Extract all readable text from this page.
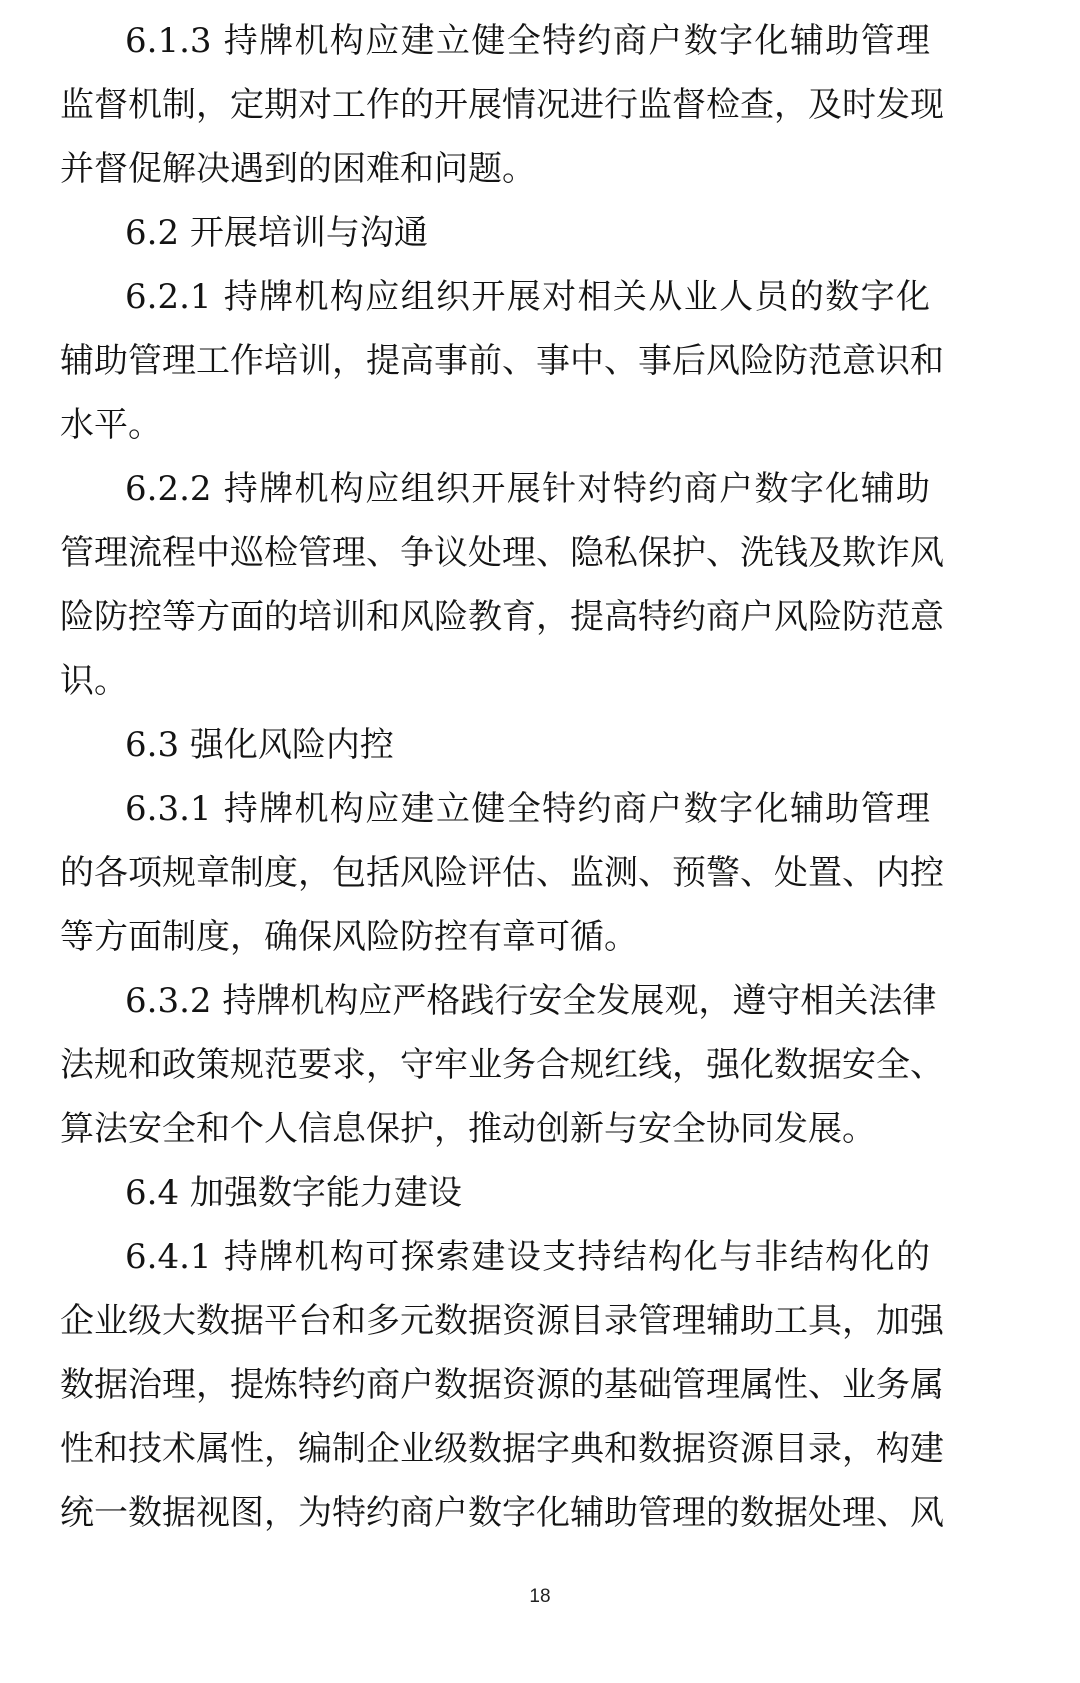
6.1.3 持牌机构应建立健全特约商户数字化辅助管理
监督机制，定期对工作的开展情况进行监督检查，及时发现
并督促解决遇到的困难和问题。
6.2 开展培训与沟通
6.2.1 持牌机构应组织开展对相关从业人员的数字化
辅助管理工作培训，提高事前、事中、事后风险防范意识和
水平。
6.2.2 持牌机构应组织开展针对特约商户数字化辅助
管理流程中巡检管理、争议处理、隐私保护、洗钱及欺诈风
险防控等方面的培训和风险教育，提高特约商户风险防范意
识。
6.3 强化风险内控
6.3.1 持牌机构应建立健全特约商户数字化辅助管理
的各项规章制度，包括风险评估、监测、预警、处置、内控
等方面制度，确保风险防控有章可循。
6.3.2 持牌机构应严格践行安全发展观，遵守相关法律
法规和政策规范要求，守牢业务合规红线，强化数据安全、
算法安全和个人信息保护，推动创新与安全协同发展。
6.4 加强数字能力建设
6.4.1 持牌机构可探索建设支持结构化与非结构化的
企业级大数据平台和多元数据资源目录管理辅助工具，加强
数据治理，提炼特约商户数据资源的基础管理属性、业务属
性和技术属性，编制企业级数据字典和数据资源目录，构建
统一数据视图，为特约商户数字化辅助管理的数据处理、风
18
